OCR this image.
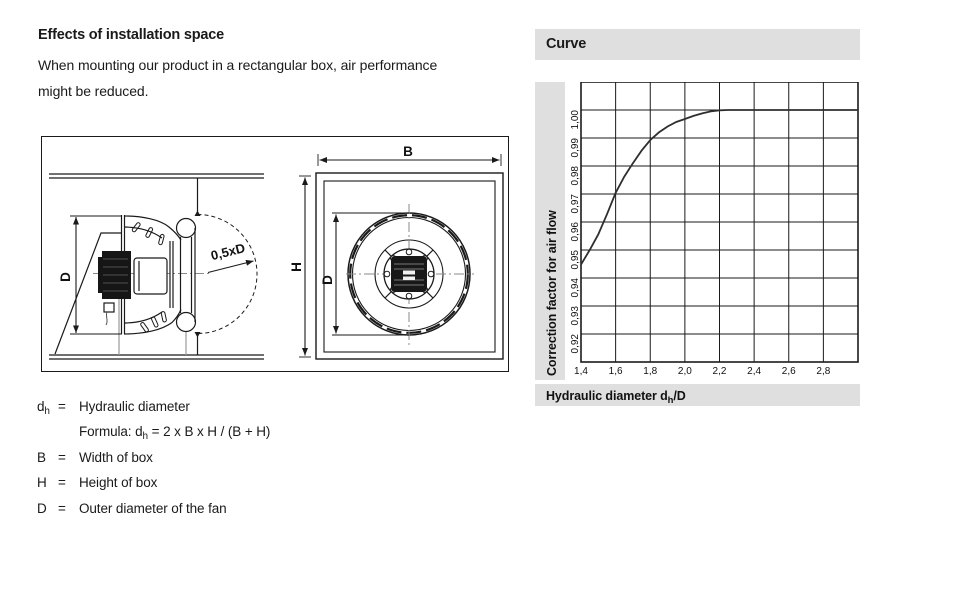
Effects of installation space
When mounting our product in a rectangular box, air performance
might be reduced.
0,5xD
D
B
H
D
$d_h$ = Hydraulic diameter
Formula: $d_h = 2$ x B x H / (B + H)
B = Width of box
H = Height of box
D = Outer diameter of the fan
Curve
Correction factor for air flow
Hydraulic diameter $d_h/D$
1,4 1,6 1,8 2,0 2,2 2,4 2,6 2,8
1,00
0,99
0,98
0,97
0,96
0,95
0,94
0,93
0,92
